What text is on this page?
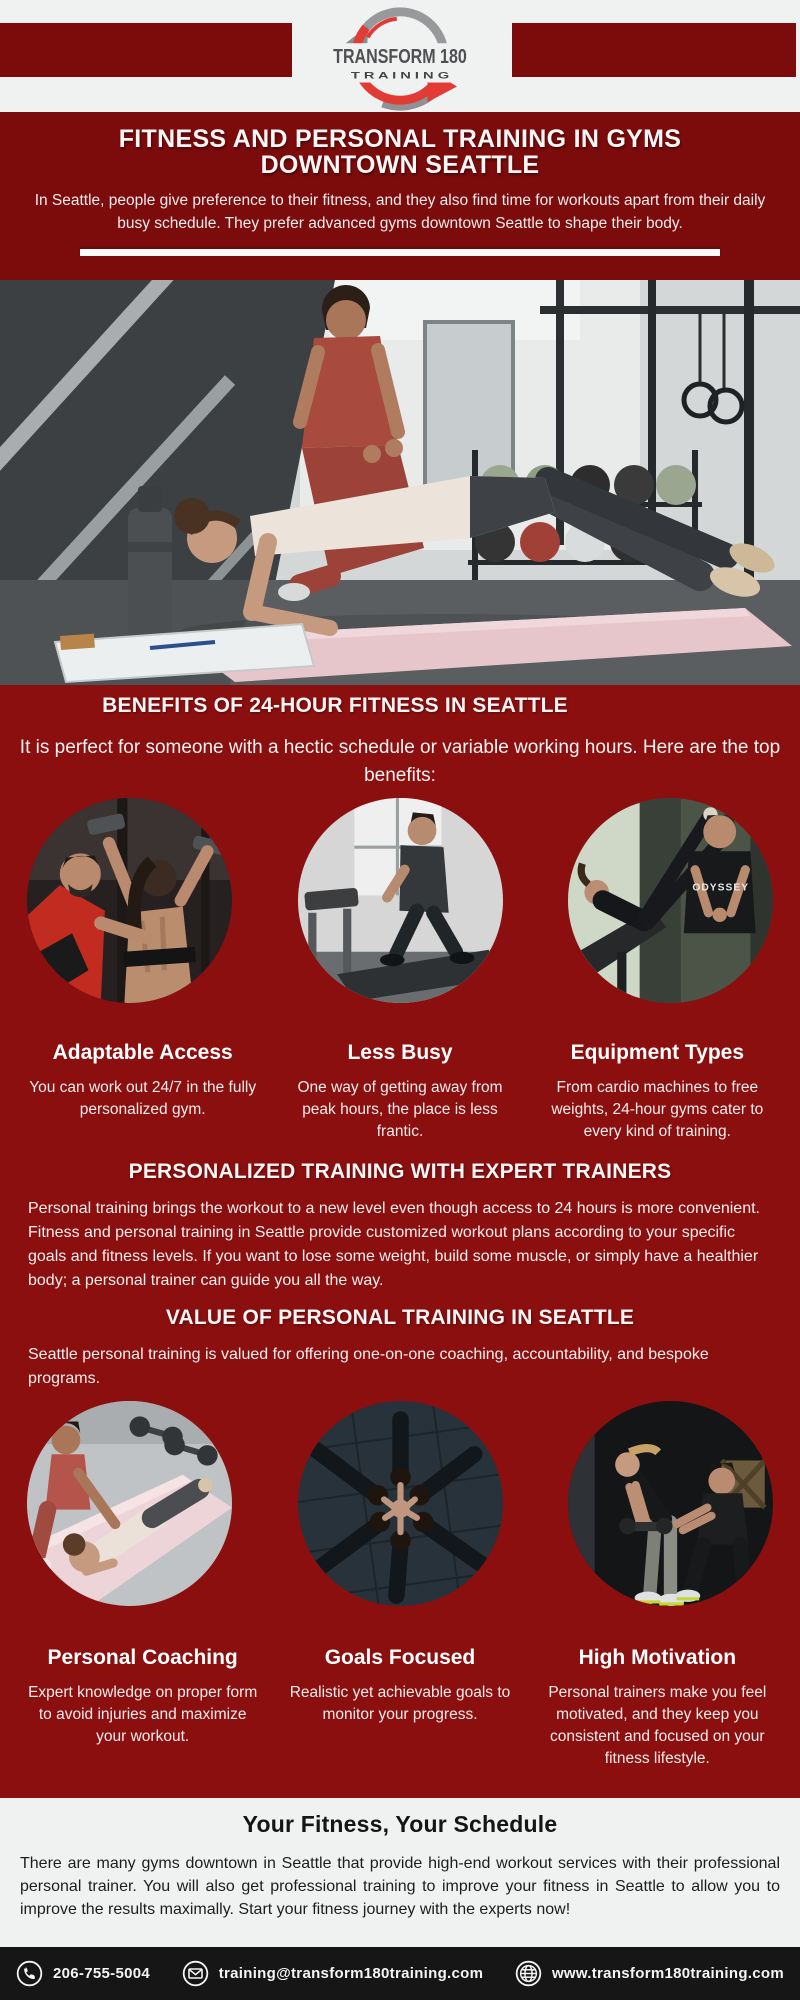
TRANSFORM 180
T R A I N I N G
FITNESS AND PERSONAL TRAINING IN GYMS
DOWNTOWN SEATTLE

In Seattle, people give preference to their fitness, and they also find time for workouts apart from their daily busy schedule. They prefer advanced gyms downtown Seattle to shape their body.

BENEFITS OF 24-HOUR FITNESS IN SEATTLE

It is perfect for someone with a hectic schedule or variable working hours. Here are the top benefits:

ODYSSEY
Adaptable Access

You can work out 24/7 in the fully personalized gym.

Less Busy

One way of getting away from peak hours, the place is less frantic.

Equipment Types

From cardio machines to free weights, 24-hour gyms cater to every kind of training.

PERSONALIZED TRAINING WITH EXPERT TRAINERS

Personal training brings the workout to a new level even though access to 24 hours is more convenient. Fitness and personal training in Seattle provide customized workout plans according to your specific goals and fitness levels. If you want to lose some weight, build some muscle, or simply have a healthier body; a personal trainer can guide you all the way.

VALUE OF PERSONAL TRAINING IN SEATTLE

Seattle personal training is valued for offering one-on-one coaching, accountability, and bespoke programs.

Personal Coaching

Expert knowledge on proper form to avoid injuries and maximize your workout.

Goals Focused

Realistic yet achievable goals to monitor your progress.

High Motivation

Personal trainers make you feel motivated, and they keep you consistent and focused on your fitness lifestyle.

Your Fitness, Your Schedule

There are many gyms downtown in Seattle that provide high-end workout services with their professional personal trainer. You will also get professional training to improve your fitness in Seattle to allow you to improve the results maximally. Start your fitness journey with the experts now!

206-755-5004	training@transform180training.com	www.transform180training.com
